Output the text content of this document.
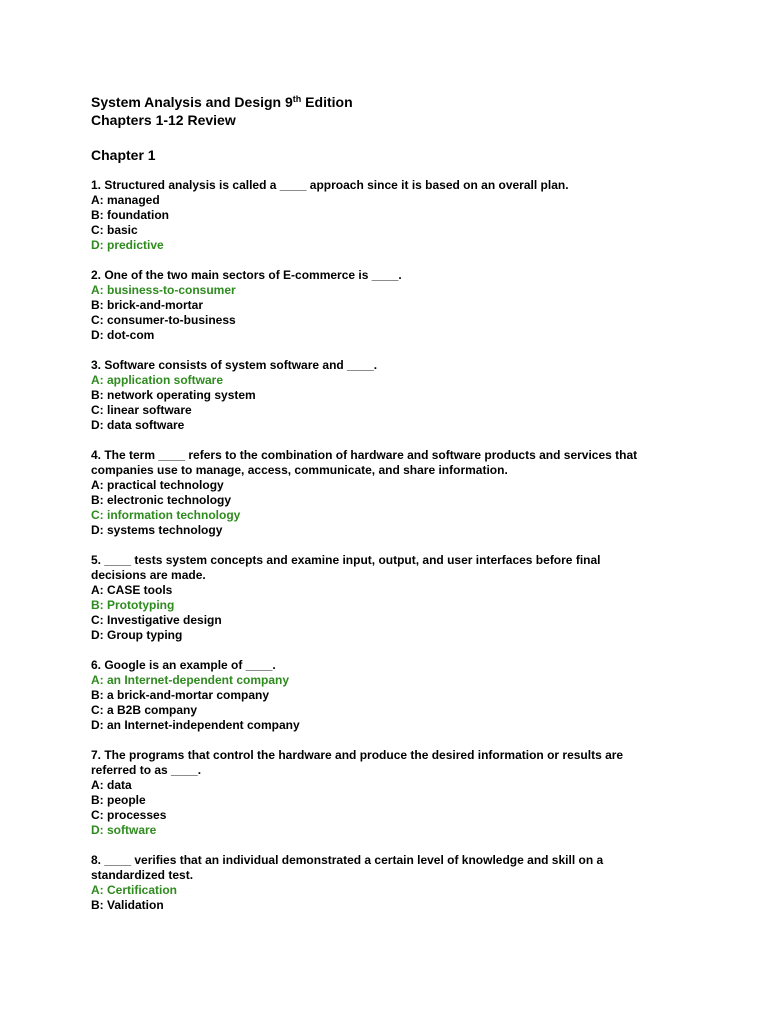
System Analysis and Design 9th Edition

Chapters 1-12 Review

Chapter 1

1. Structured analysis is called a ____ approach since it is based on an overall plan.

A: managed

B: foundation

C: basic

D: predictive

2. One of the two main sectors of E-commerce is ____.

A: business-to-consumer

B: brick-and-mortar

C: consumer-to-business

D: dot-com

3. Software consists of system software and ____.

A: application software

B: network operating system

C: linear software

D: data software

4. The term ____ refers to the combination of hardware and software products and services that

companies use to manage, access, communicate, and share information.

A: practical technology

B: electronic technology

C: information technology

D: systems technology

5. ____ tests system concepts and examine input, output, and user interfaces before final

decisions are made.

A: CASE tools

B: Prototyping

C: Investigative design

D: Group typing

6. Google is an example of ____.

A: an Internet-dependent company

B: a brick-and-mortar company

C: a B2B company

D: an Internet-independent company

7. The programs that control the hardware and produce the desired information or results are

referred to as ____.

A: data

B: people

C: processes

D: software

8. ____ verifies that an individual demonstrated a certain level of knowledge and skill on a

standardized test.

A: Certification

B: Validation
